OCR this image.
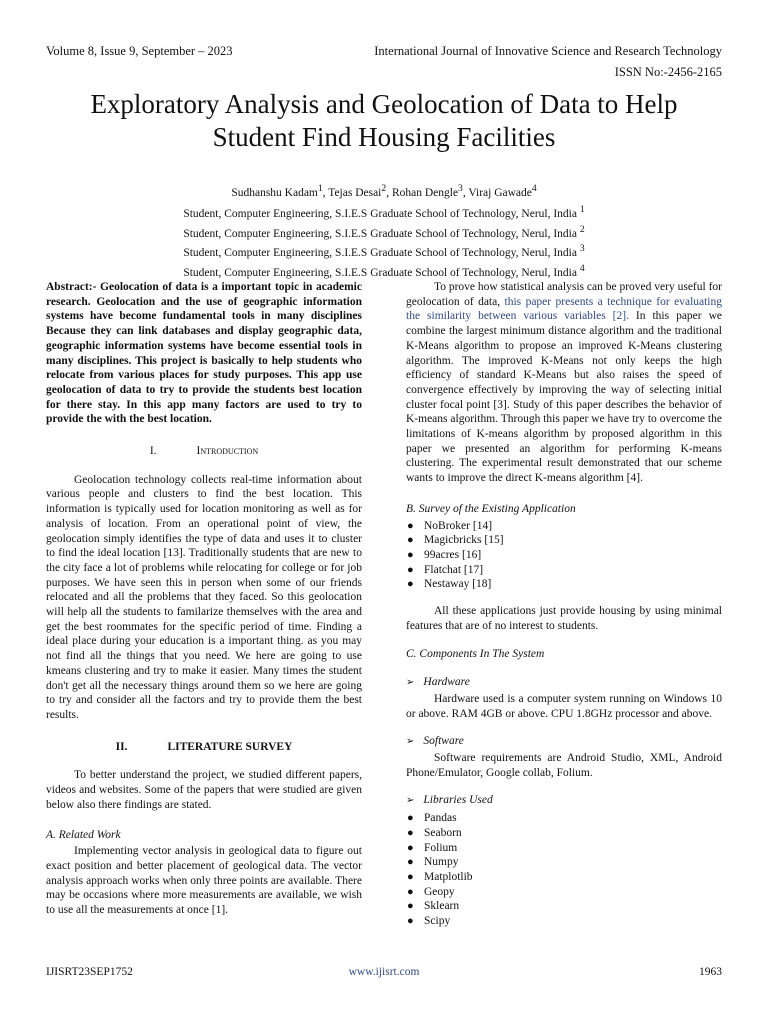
Volume 8, Issue 9, September – 2023	International Journal of Innovative Science and Research Technology
ISSN No:-2456-2165
Exploratory Analysis and Geolocation of Data to Help
Student Find Housing Facilities
Sudhanshu Kadam$^1$, Tejas Desai$^2$, Rohan Dengle$^3$, Viraj Gawade$^4$
Student, Computer Engineering, S.I.E.S Graduate School of Technology, Nerul, India $^1$
Student, Computer Engineering, S.I.E.S Graduate School of Technology, Nerul, India $^2$
Student, Computer Engineering, S.I.E.S Graduate School of Technology, Nerul, India $^3$
Student, Computer Engineering, S.I.E.S Graduate School of Technology, Nerul, India $^4$

Abstract:- Geolocation of data is a important topic in academic research. Geolocation and the use of geographic information systems have become fundamental tools in many disciplines Because they can link databases and display geographic data, geographic information systems have become essential tools in many disciplines. This project is basically to help students who relocate from various places for study purposes. This app use geolocation of data to try to provide the students best location for there stay. In this app many factors are used to try to provide the with the best location.

I.	Introduction

Geolocation technology collects real-time information about various people and clusters to find the best location. This information is typically used for location monitoring as well as for analysis of location. From an operational point of view, the geolocation simply identifies the type of data and uses it to cluster to find the ideal location [13]. Traditionally students that are new to the city face a lot of problems while relocating for college or for job purposes. We have seen this in person when some of our friends relocated and all the problems that they faced. So this geolocation will help all the students to familarize themselves with the area and get the best roommates for the specific period of time. Finding a ideal place during your education is a important thing. as you may not find all the things that you need. We here are going to use kmeans clustering and try to make it easier. Many times the student don't get all the necessary things around them so we here are going to try and consider all the factors and try to provide them the best results.

II.	LITERATURE SURVEY

To better understand the project, we studied different papers, videos and websites. Some of the papers that were studied are given below also there findings are stated.

A. Related Work

Implementing vector analysis in geological data to figure out exact position and better placement of geological data. The vector analysis approach works when only three points are available. There may be occasions where more measurements are available, we wish to use all the measurements at once [1].

To prove how statistical analysis can be proved very useful for geolocation of data, this paper presents a technique for evaluating the similarity between various variables [2]. In this paper we combine the largest minimum distance algorithm and the traditional K-Means algorithm to propose an improved K-Means clustering algorithm. The improved K-Means not only keeps the high efficiency of standard K-Means but also raises the speed of convergence effectively by improving the way of selecting initial cluster focal point [3]. Study of this paper describes the behavior of K-means algorithm. Through this paper we have try to overcome the limitations of K-means algorithm by proposed algorithm in this paper we presented an algorithm for performing K-means clustering. The experimental result demonstrated that our scheme wants to improve the direct K-means algorithm [4].

B. Survey of the Existing Application
● NoBroker [14]
● Magicbricks [15]
● 99acres [16]
● Flatchat [17]
● Nestaway [18]

All these applications just provide housing by using minimal features that are of no interest to students.

C. Components In The System
➢ Hardware

Hardware used is a computer system running on Windows 10 or above. RAM 4GB or above. CPU 1.8GHz processor and above.

➢ Software

Software requirements are Android Studio, XML, Android Phone/Emulator, Google collab, Folium.

➢ Libraries Used
● Pandas
● Seaborn
● Folium
● Numpy
● Matplotlib
● Geopy
● Sklearn
● Scipy
IJISRT23SEP1752	www.ijisrt.com	1963
